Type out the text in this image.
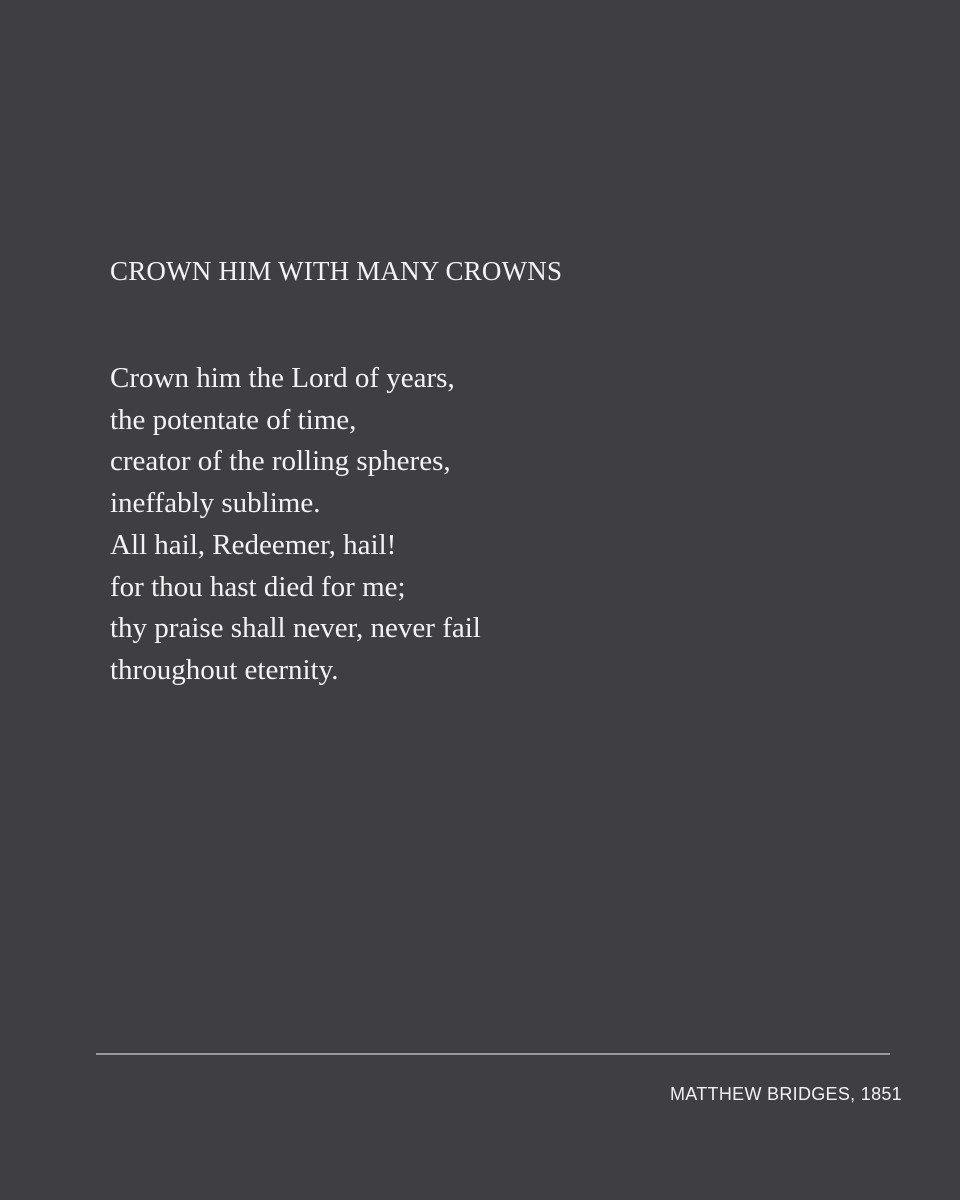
CROWN HIM WITH MANY CROWNS
Crown him the Lord of years,
the potentate of time,
creator of the rolling spheres,
ineffably sublime.
All hail, Redeemer, hail!
for thou hast died for me;
thy praise shall never, never fail
throughout eternity.
MATTHEW BRIDGES, 1851
